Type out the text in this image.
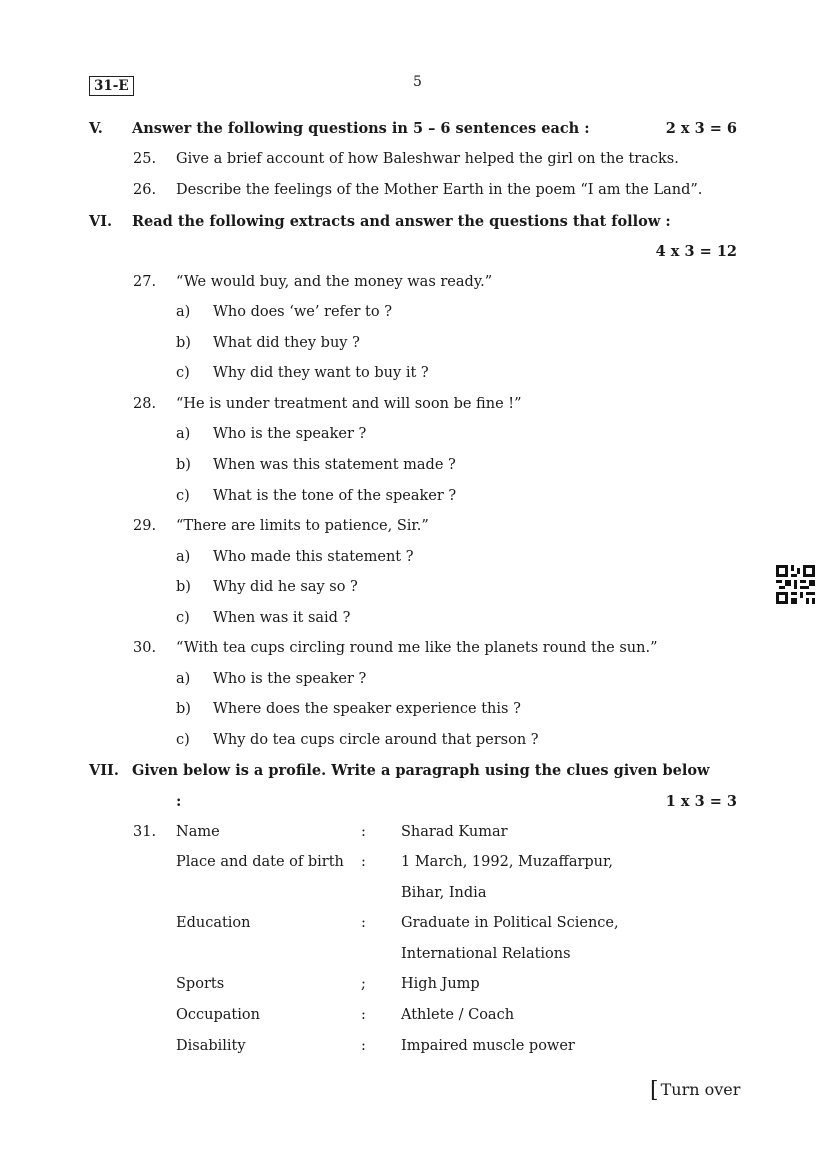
31-E	5
V. Answer the following questions in 5 – 6 sentences each :	2 x 3 = 6
25. Give a brief account of how Baleshwar helped the girl on the tracks.
26. Describe the feelings of the Mother Earth in the poem “I am the Land”.
VI. Read the following extracts and answer the questions that follow :
4 x 3 = 12
27. “We would buy, and the money was ready.”
a) Who does ‘we’ refer to ?
b) What did they buy ?
c) Why did they want to buy it ?
28. “He is under treatment and will soon be fine !”
a) Who is the speaker ?
b) When was this statement made ?
c) What is the tone of the speaker ?
29. “There are limits to patience, Sir.”
a) Who made this statement ?
b) Why did he say so ?
c) When was it said ?
30. “With tea cups circling round me like the planets round the sun.”
a) Who is the speaker ?
b) Where does the speaker experience this ?
c) Why do tea cups circle around that person ?
VII. Given below is a profile. Write a paragraph using the clues given below
:	1 x 3 = 3
31. Name	: Sharad Kumar
Place and date of birth : 1 March, 1992, Muzaffarpur,
Bihar, India
Education	: Graduate in Political Science,
International Relations
Sports	; High Jump
Occupation	: Athlete / Coach
Disability	: Impaired muscle power
[ Turn over
